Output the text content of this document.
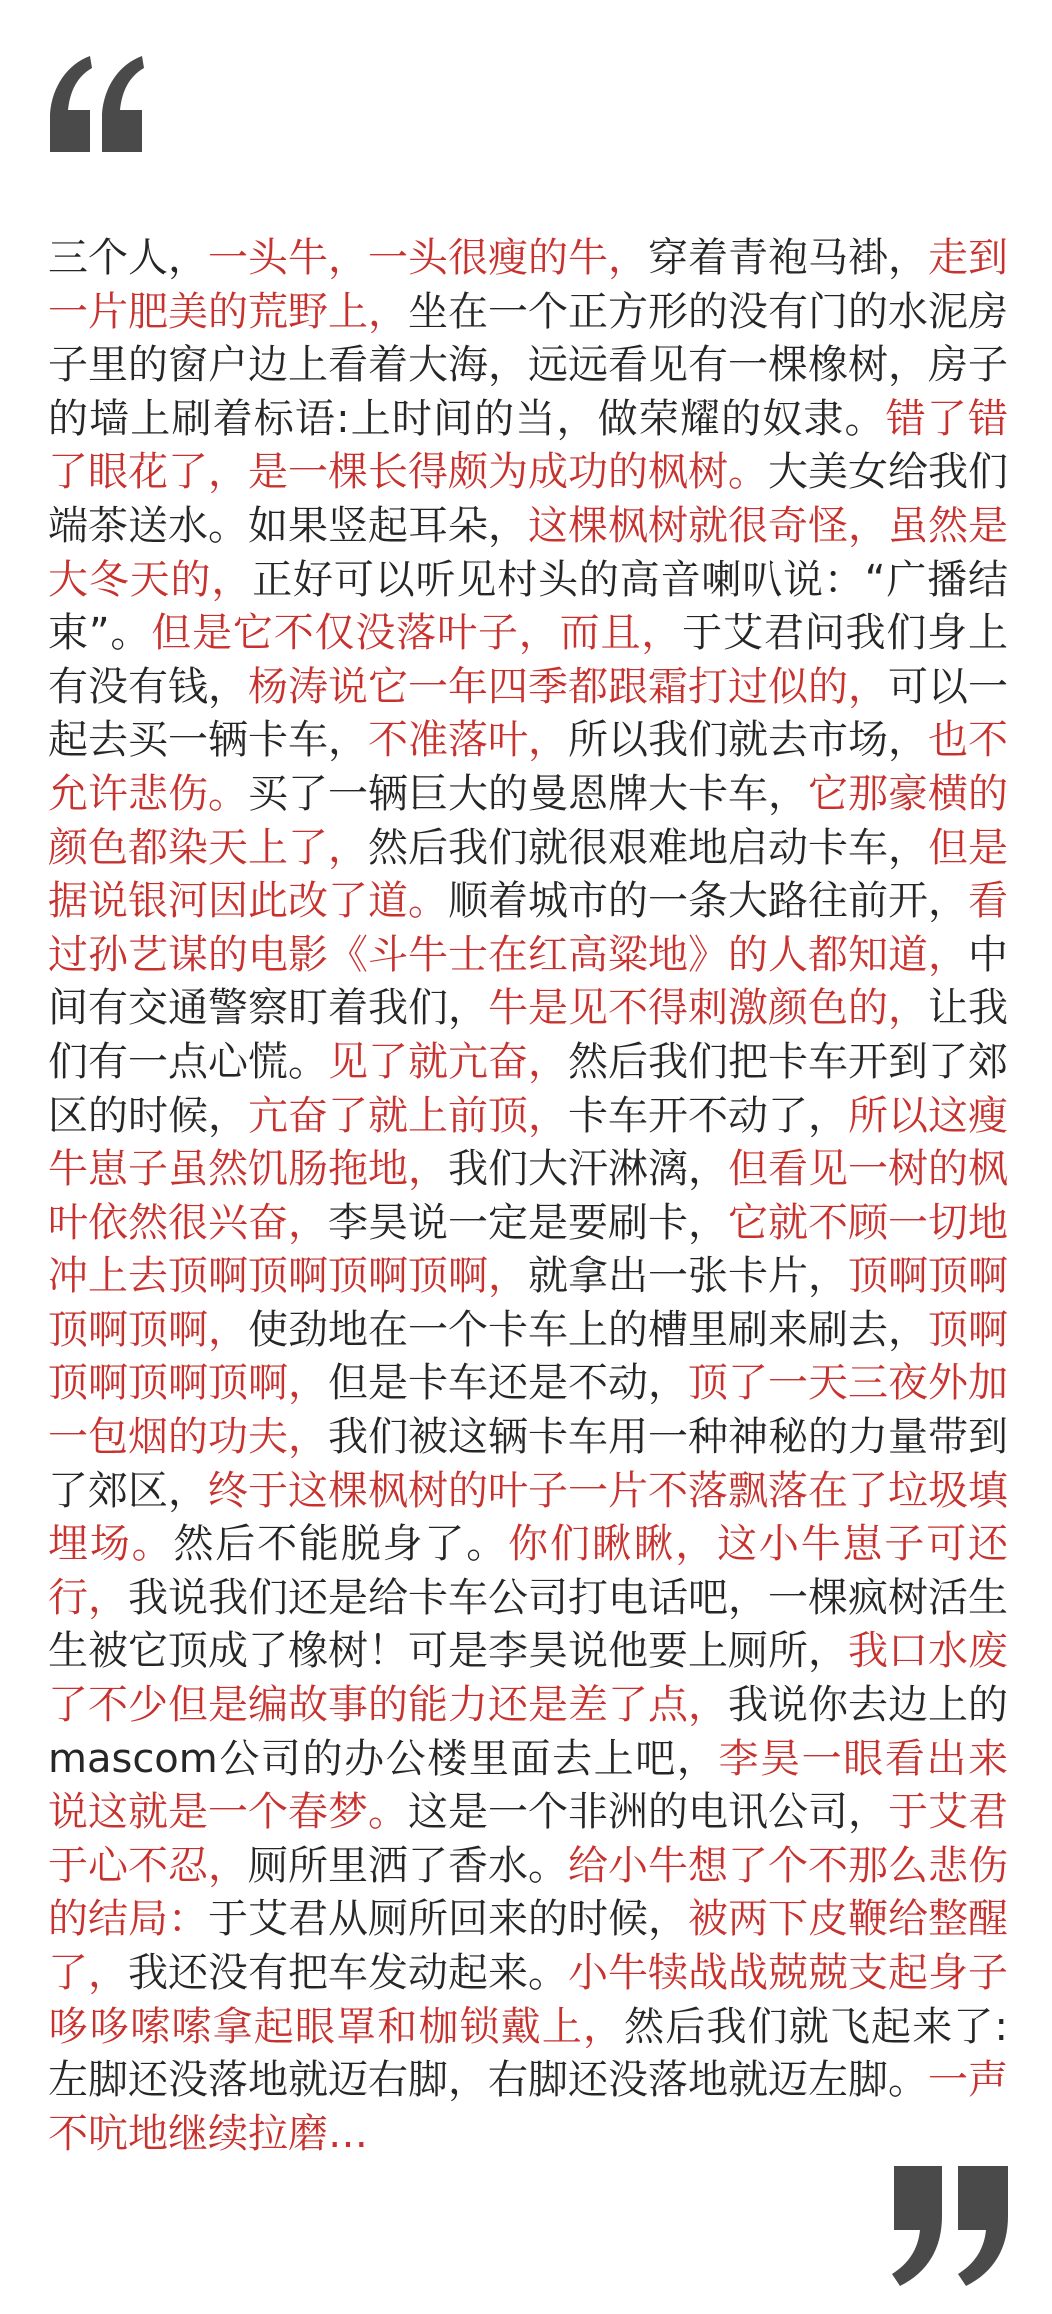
三个人，一头牛，一头很瘦的牛，穿着青袍马褂，走到一片肥美的荒野上，坐在一个正方形的没有门的水泥房子里的窗户边上看着大海，远远看见有一棵橡树，房子的墙上刷着标语:上时间的当，做荣耀的奴隶。错了错了眼花了，是一棵长得颇为成功的枫树。大美女给我们端茶送水。如果竖起耳朵，这棵枫树就很奇怪，虽然是大冬天的，正好可以听见村头的高音喇叭说：“广播结束”。但是它不仅没落叶子，而且，于艾君问我们身上有没有钱，杨涛说它一年四季都跟霜打过似的，可以一起去买一辆卡车，不准落叶，所以我们就去市场，也不允许悲伤。买了一辆巨大的曼恩牌大卡车，它那豪横的颜色都染天上了，然后我们就很艰难地启动卡车，但是据说银河因此改了道。顺着城市的一条大路往前开，看过孙艺谋的电影《斗牛士在红高粱地》的人都知道，中间有交通警察盯着我们，牛是见不得刺激颜色的，让我们有一点心慌。见了就亢奋，然后我们把卡车开到了郊区的时候，亢奋了就上前顶，卡车开不动了，所以这瘦牛崽子虽然饥肠拖地，我们大汗淋漓，但看见一树的枫叶依然很兴奋，李昊说一定是要刷卡，它就不顾一切地冲上去顶啊顶啊顶啊顶啊，就拿出一张卡片，顶啊顶啊顶啊顶啊，使劲地在一个卡车上的槽里刷来刷去，顶啊顶啊顶啊顶啊，但是卡车还是不动，顶了一天三夜外加一包烟的功夫，我们被这辆卡车用一种神秘的力量带到了郊区，终于这棵枫树的叶子一片不落飘落在了垃圾填埋场。然后不能脱身了。你们瞅瞅，这小牛崽子可还行，我说我们还是给卡车公司打电话吧，一棵疯树活生生被它顶成了橡树！可是李昊说他要上厕所，我口水废了不少但是编故事的能力还是差了点，我说你去边上的mascom公司的办公楼里面去上吧，李昊一眼看出来说这就是一个春梦。这是一个非洲的电讯公司，于艾君于心不忍，厕所里洒了香水。给小牛想了个不那么悲伤的结局：于艾君从厕所回来的时候，被两下皮鞭给整醒了，我还没有把车发动起来。小牛犊战战兢兢支起身子哆哆嗦嗦拿起眼罩和枷锁戴上，然后我们就飞起来了:左脚还没落地就迈右脚，右脚还没落地就迈左脚。一声不吭地继续拉磨…
